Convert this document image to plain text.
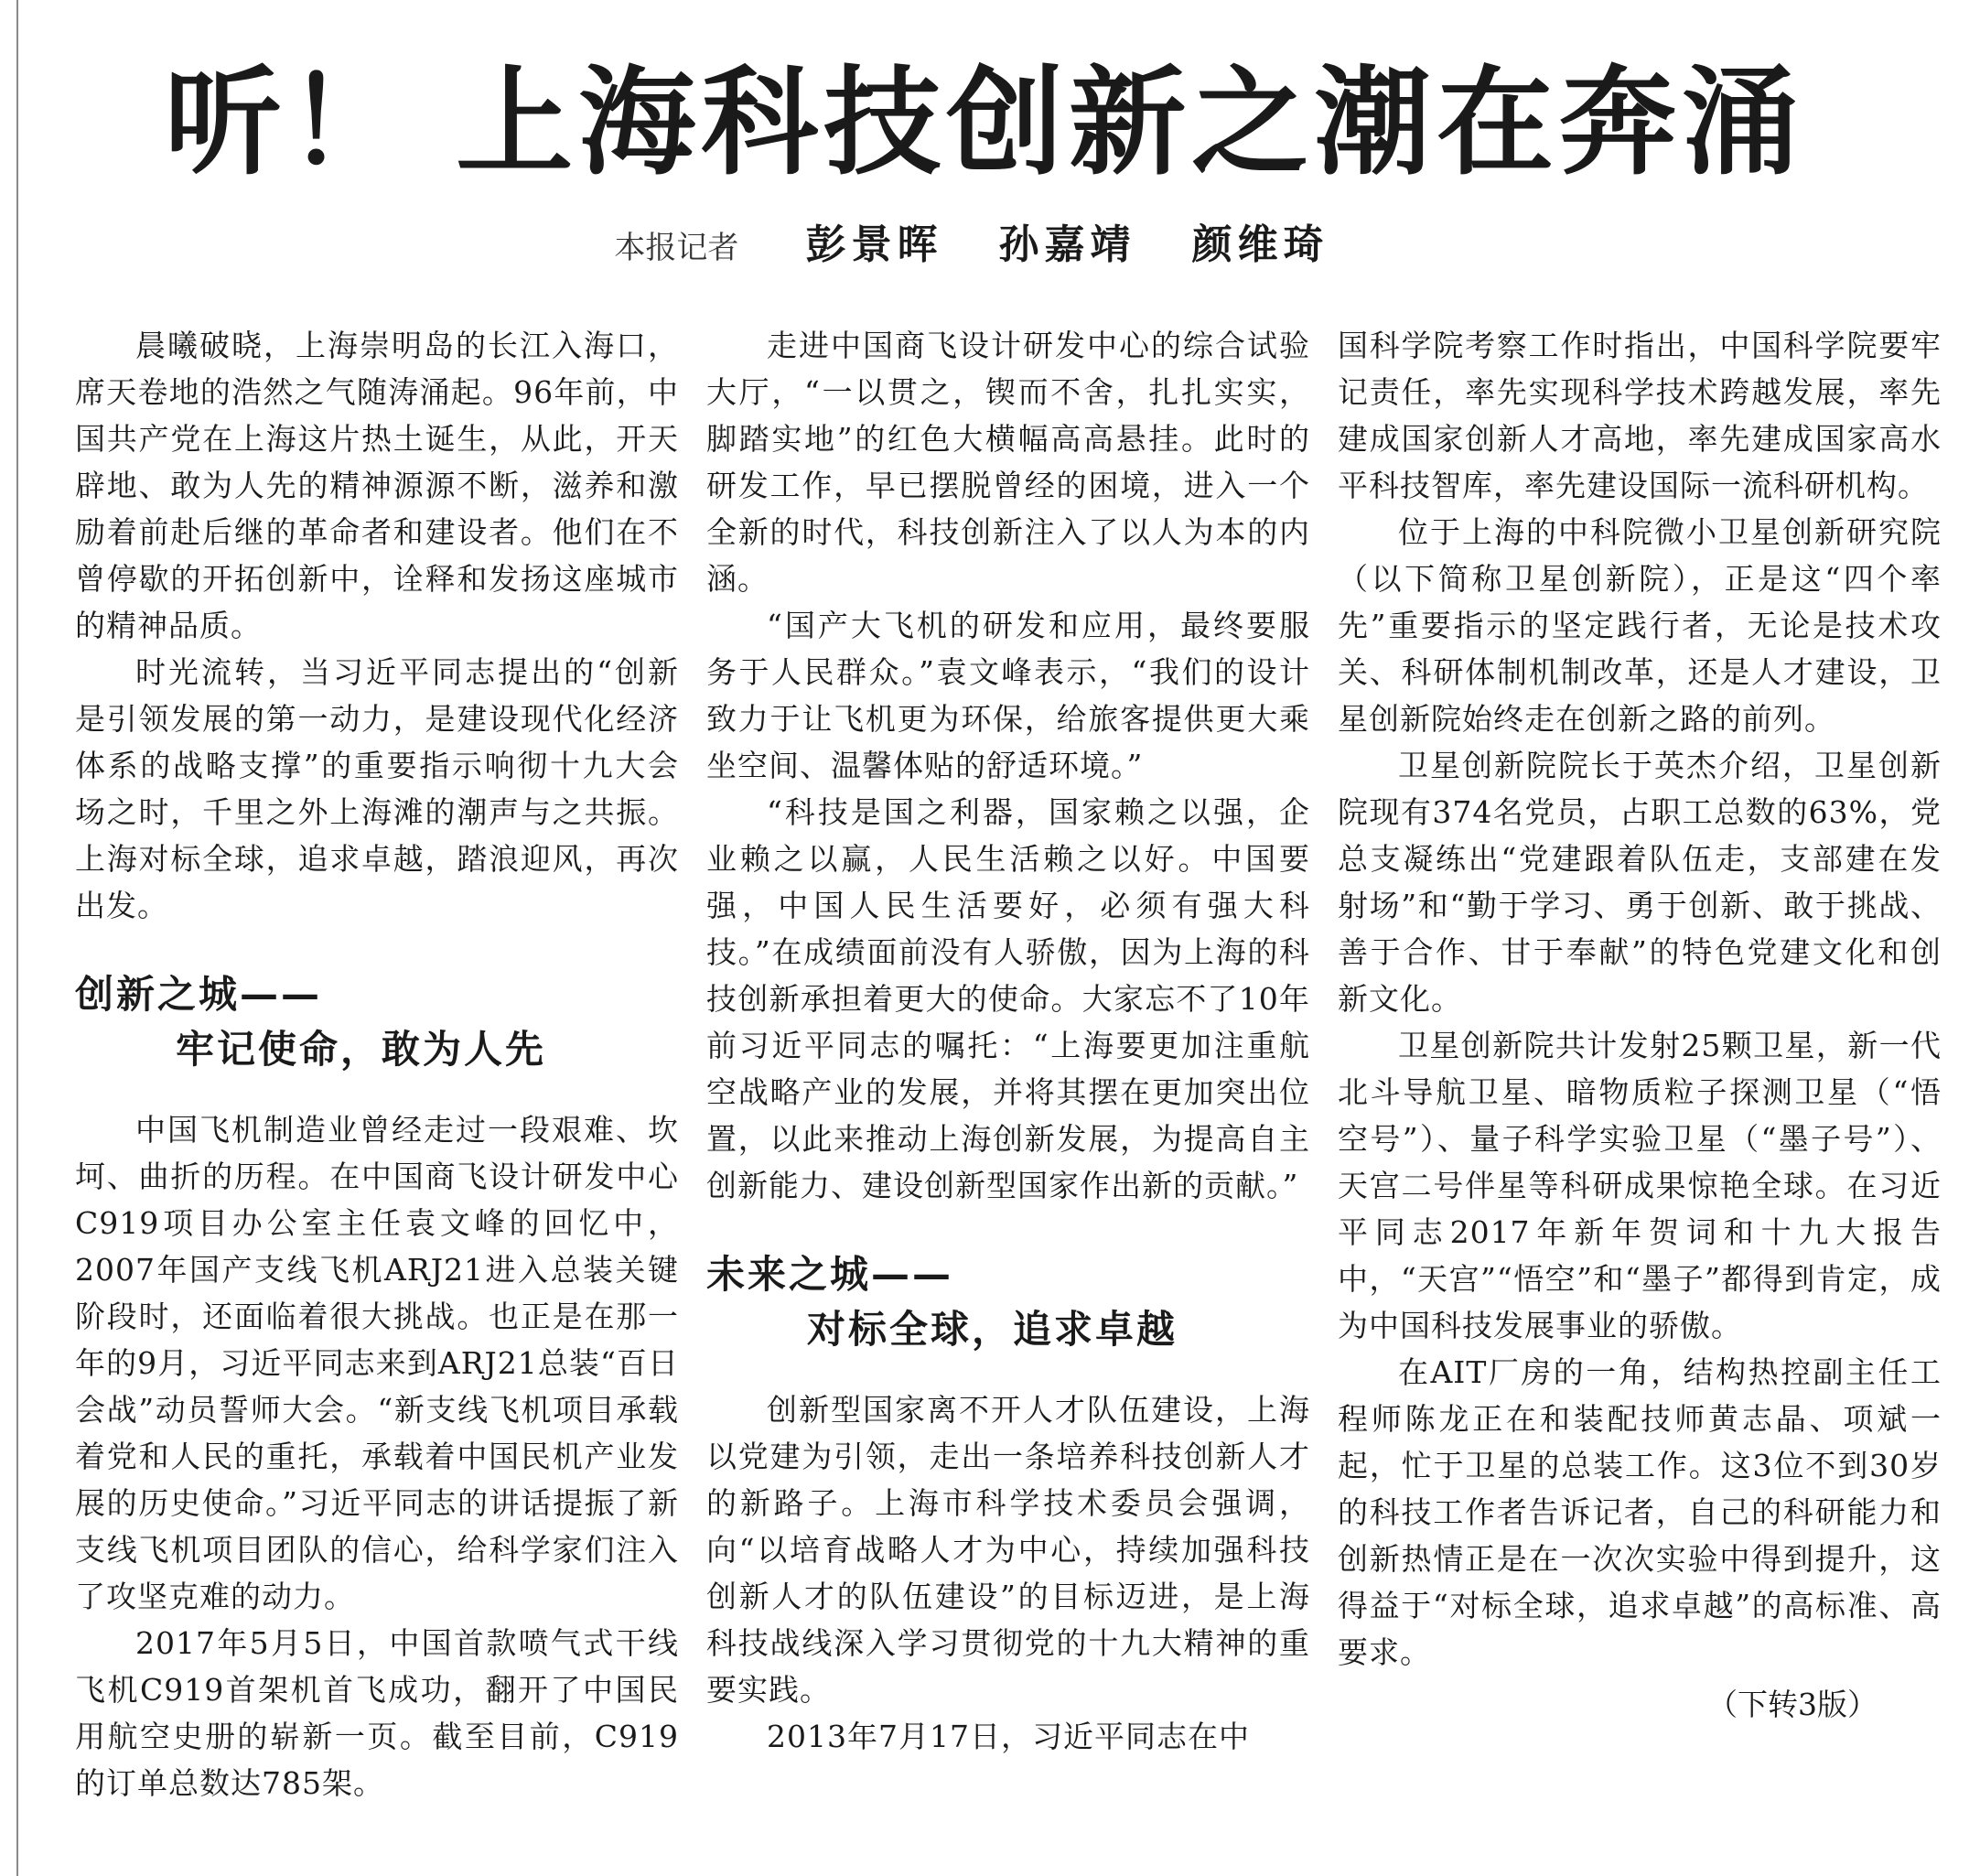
听！ 上海科技创新之潮在奔涌
本报记者 彭景晖 孙嘉靖 颜维琦

晨曦破晓，上海崇明岛的长江入海口，席天卷地的浩然之气随涛涌起。96年前，中国共产党在上海这片热土诞生，从此，开天辟地、敢为人先的精神源源不断，滋养和激励着前赴后继的革命者和建设者。他们在不曾停歇的开拓创新中，诠释和发扬这座城市的精神品质。

时光流转，当习近平同志提出的“创新是引领发展的第一动力，是建设现代化经济体系的战略支撑”的重要指示响彻十九大会场之时，千里之外上海滩的潮声与之共振。上海对标全球，追求卓越，踏浪迎风，再次出发。

创新之城——
牢记使命，敢为人先

中国飞机制造业曾经走过一段艰难、坎坷、曲折的历程。在中国商飞设计研发中心C919项目办公室主任袁文峰的回忆中，2007年国产支线飞机ARJ21进入总装关键阶段时，还面临着很大挑战。也正是在那一年的9月，习近平同志来到ARJ21总装“百日会战”动员誓师大会。“新支线飞机项目承载着党和人民的重托，承载着中国民机产业发展的历史使命。”习近平同志的讲话提振了新支线飞机项目团队的信心，给科学家们注入了攻坚克难的动力。

2017年5月5日，中国首款喷气式干线飞机C919首架机首飞成功，翻开了中国民用航空史册的崭新一页。截至目前，C919的订单总数达785架。

走进中国商飞设计研发中心的综合试验大厅，“一以贯之，锲而不舍，扎扎实实，脚踏实地”的红色大横幅高高悬挂。此时的研发工作，早已摆脱曾经的困境，进入一个全新的时代，科技创新注入了以人为本的内涵。

“国产大飞机的研发和应用，最终要服务于人民群众。”袁文峰表示，“我们的设计致力于让飞机更为环保，给旅客提供更大乘坐空间、温馨体贴的舒适环境。”

“科技是国之利器，国家赖之以强，企业赖之以赢，人民生活赖之以好。中国要强，中国人民生活要好，必须有强大科技。”在成绩面前没有人骄傲，因为上海的科技创新承担着更大的使命。大家忘不了10年前习近平同志的嘱托：“上海要更加注重航空战略产业的发展，并将其摆在更加突出位置，以此来推动上海创新发展，为提高自主创新能力、建设创新型国家作出新的贡献。”

未来之城——
对标全球，追求卓越

创新型国家离不开人才队伍建设，上海以党建为引领，走出一条培养科技创新人才的新路子。上海市科学技术委员会强调，向“以培育战略人才为中心，持续加强科技创新人才的队伍建设”的目标迈进，是上海科技战线深入学习贯彻党的十九大精神的重要实践。

2013年7月17日，习近平同志在中

国科学院考察工作时指出，中国科学院要牢记责任，率先实现科学技术跨越发展，率先建成国家创新人才高地，率先建成国家高水平科技智库，率先建设国际一流科研机构。

位于上海的中科院微小卫星创新研究院（以下简称卫星创新院），正是这“四个率先”重要指示的坚定践行者，无论是技术攻关、科研体制机制改革，还是人才建设，卫星创新院始终走在创新之路的前列。

卫星创新院院长于英杰介绍，卫星创新院现有374名党员，占职工总数的63%，党总支凝练出“党建跟着队伍走，支部建在发射场”和“勤于学习、勇于创新、敢于挑战、善于合作、甘于奉献”的特色党建文化和创新文化。

卫星创新院共计发射25颗卫星，新一代北斗导航卫星、暗物质粒子探测卫星（“悟空号”）、量子科学实验卫星（“墨子号”）、天宫二号伴星等科研成果惊艳全球。在习近平同志2017年新年贺词和十九大报告中，“天宫”“悟空”和“墨子”都得到肯定，成为中国科技发展事业的骄傲。

在AIT厂房的一角，结构热控副主任工程师陈龙正在和装配技师黄志晶、项斌一起，忙于卫星的总装工作。这3位不到30岁的科技工作者告诉记者，自己的科研能力和创新热情正是在一次次实验中得到提升，这得益于“对标全球，追求卓越”的高标准、高要求。

（下转3版）
